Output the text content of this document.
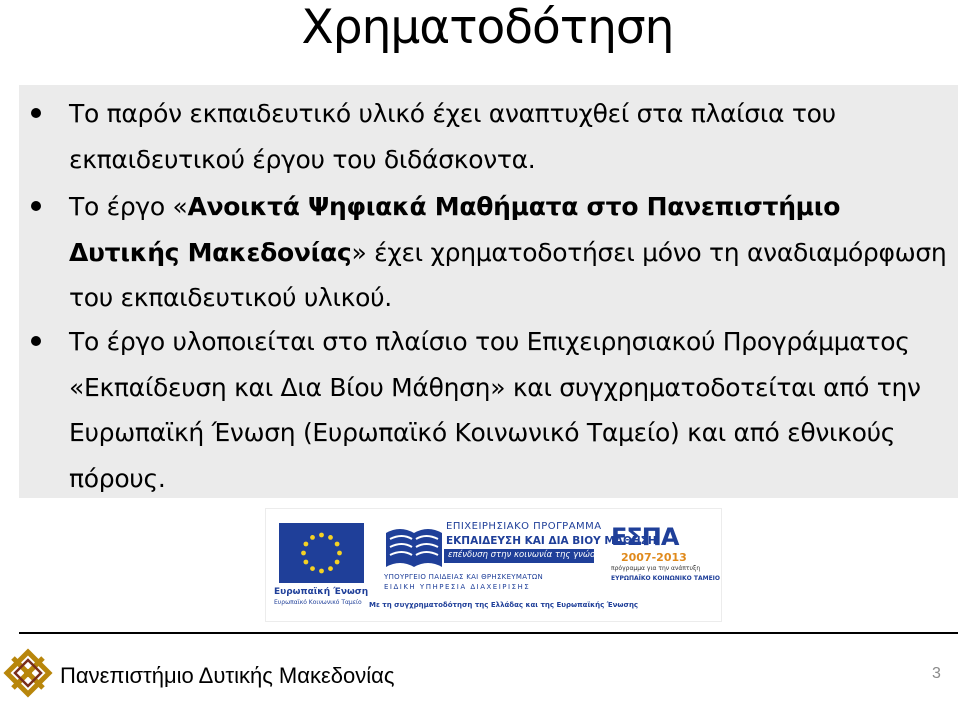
Χρηματοδότηση
Το παρόν εκπαιδευτικό υλικό έχει αναπτυχθεί στα πλαίσια του εκπαιδευτικού έργου του διδάσκοντα.
Το έργο «Ανοικτά Ψηφιακά Μαθήματα στο Πανεπιστήμιο Δυτικής Μακεδονίας» έχει χρηματοδοτήσει μόνο τη αναδιαμόρφωση του εκπαιδευτικού υλικού.
Το έργο υλοποιείται στο πλαίσιο του Επιχειρησιακού Προγράμματος «Εκπαίδευση και Δια Βίου Μάθηση» και συγχρηματοδοτείται από την Ευρωπαϊκή Ένωση (Ευρωπαϊκό Κοινωνικό Ταμείο) και από εθνικούς πόρους.
Ευρωπαϊκή Ένωση
Ευρωπαϊκό Κοινωνικό Ταμείο
ΕΠΙΧΕΙΡΗΣΙΑΚΟ ΠΡΟΓΡΑΜΜΑ
ΕΚΠΑΙΔΕΥΣΗ ΚΑΙ ΔΙΑ ΒΙΟΥ ΜΑΘΗΣΗ
επένδυση στην κοινωνία της γνώσης
ΥΠΟΥΡΓΕΙΟ ΠΑΙΔΕΙΑΣ ΚΑΙ ΘΡΗΣΚΕΥΜΑΤΩΝ
ΕΙΔΙΚΗ ΥΠΗΡΕΣΙΑ ΔΙΑΧΕΙΡΙΣΗΣ
Με τη συγχρηματοδότηση της Ελλάδας και της Ευρωπαϊκής Ένωσης
ΕΣΠΑ
2007-2013
πρόγραμμα για την ανάπτυξη
ΕΥΡΩΠΑΪΚΟ ΚΟΙΝΩΝΙΚΟ ΤΑΜΕΙΟ
Πανεπιστήμιο Δυτικής Μακεδονίας	3
